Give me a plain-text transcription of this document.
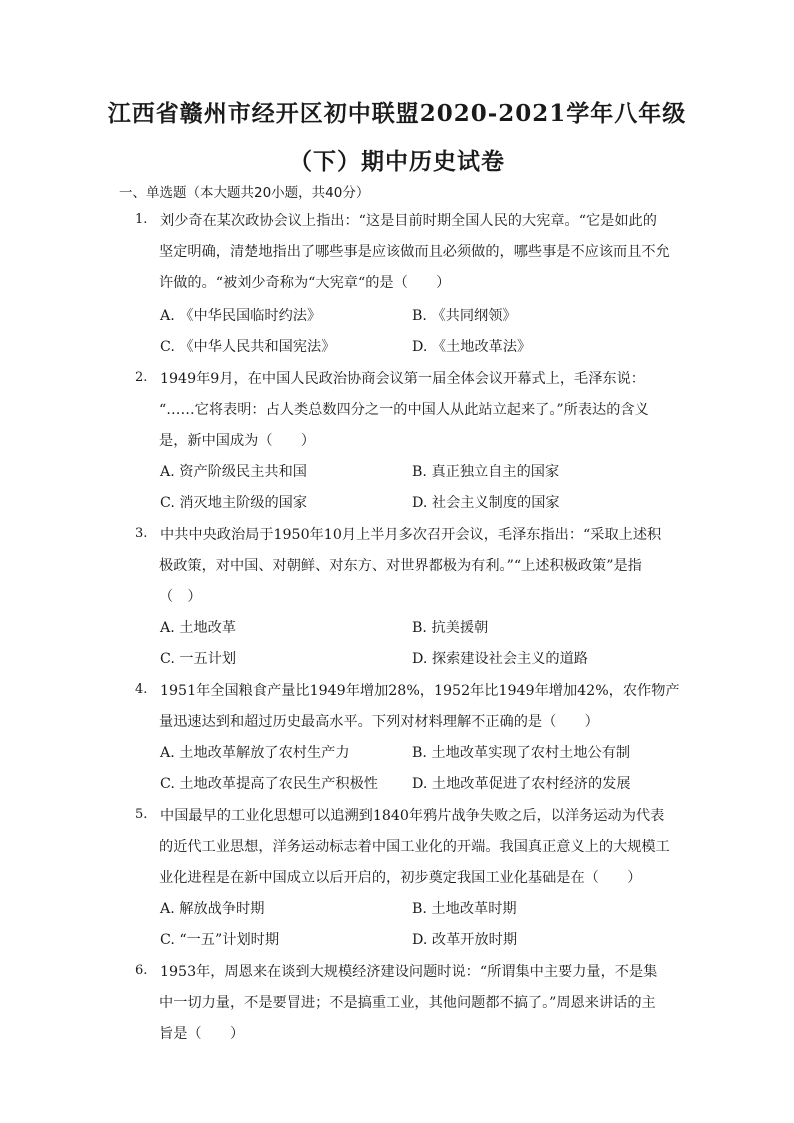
江西省赣州市经开区初中联盟2020-2021学年八年级
（下）期中历史试卷
一、单选题（本大题共20小题，共40分）
1. 刘少奇在某次政协会议上指出：“这是目前时期全国人民的大宪章。“它是如此的
坚定明确，清楚地指出了哪些事是应该做而且必须做的，哪些事是不应该而且不允
许做的。“被刘少奇称为“大宪章“的是（　　）
A. 《中华民国临时约法》	B. 《共同纲领》
C. 《中华人民共和国宪法》	D. 《土地改革法》
2. 1949年9月，在中国人民政治协商会议第一届全体会议开幕式上，毛泽东说：
“……它将表明：占人类总数四分之一的中国人从此站立起来了。”所表达的含义
是，新中国成为（　　）
A. 资产阶级民主共和国	B. 真正独立自主的国家
C. 消灭地主阶级的国家	D. 社会主义制度的国家
3. 中共中央政治局于1950年10月上半月多次召开会议，毛泽东指出：“采取上述积
极政策，对中国、对朝鲜、对东方、对世界都极为有利。”“上述积极政策”是指
（　）
A. 土地改革	B. 抗美援朝
C. 一五计划	D. 探索建设社会主义的道路
4. 1951年全国粮食产量比1949年增加28%，1952年比1949年增加42%，农作物产
量迅速达到和超过历史最高水平。下列对材料理解不正确的是（　　）
A. 土地改革解放了农村生产力	B. 土地改革实现了农村土地公有制
C. 土地改革提高了农民生产积极性 D. 土地改革促进了农村经济的发展
5. 中国最早的工业化思想可以追溯到1840年鸦片战争失败之后，以洋务运动为代表
的近代工业思想，洋务运动标志着中国工业化的开端。我国真正意义上的大规模工
业化进程是在新中国成立以后开启的，初步奠定我国工业化基础是在（　　）
A. 解放战争时期	B. 土地改革时期
C. “一五”计划时期	D. 改革开放时期
6. 1953年，周恩来在谈到大规模经济建设问题时说：“所谓集中主要力量，不是集
中一切力量，不是要冒进；不是搞重工业，其他问题都不搞了。”周恩来讲话的主
旨是（　　）
